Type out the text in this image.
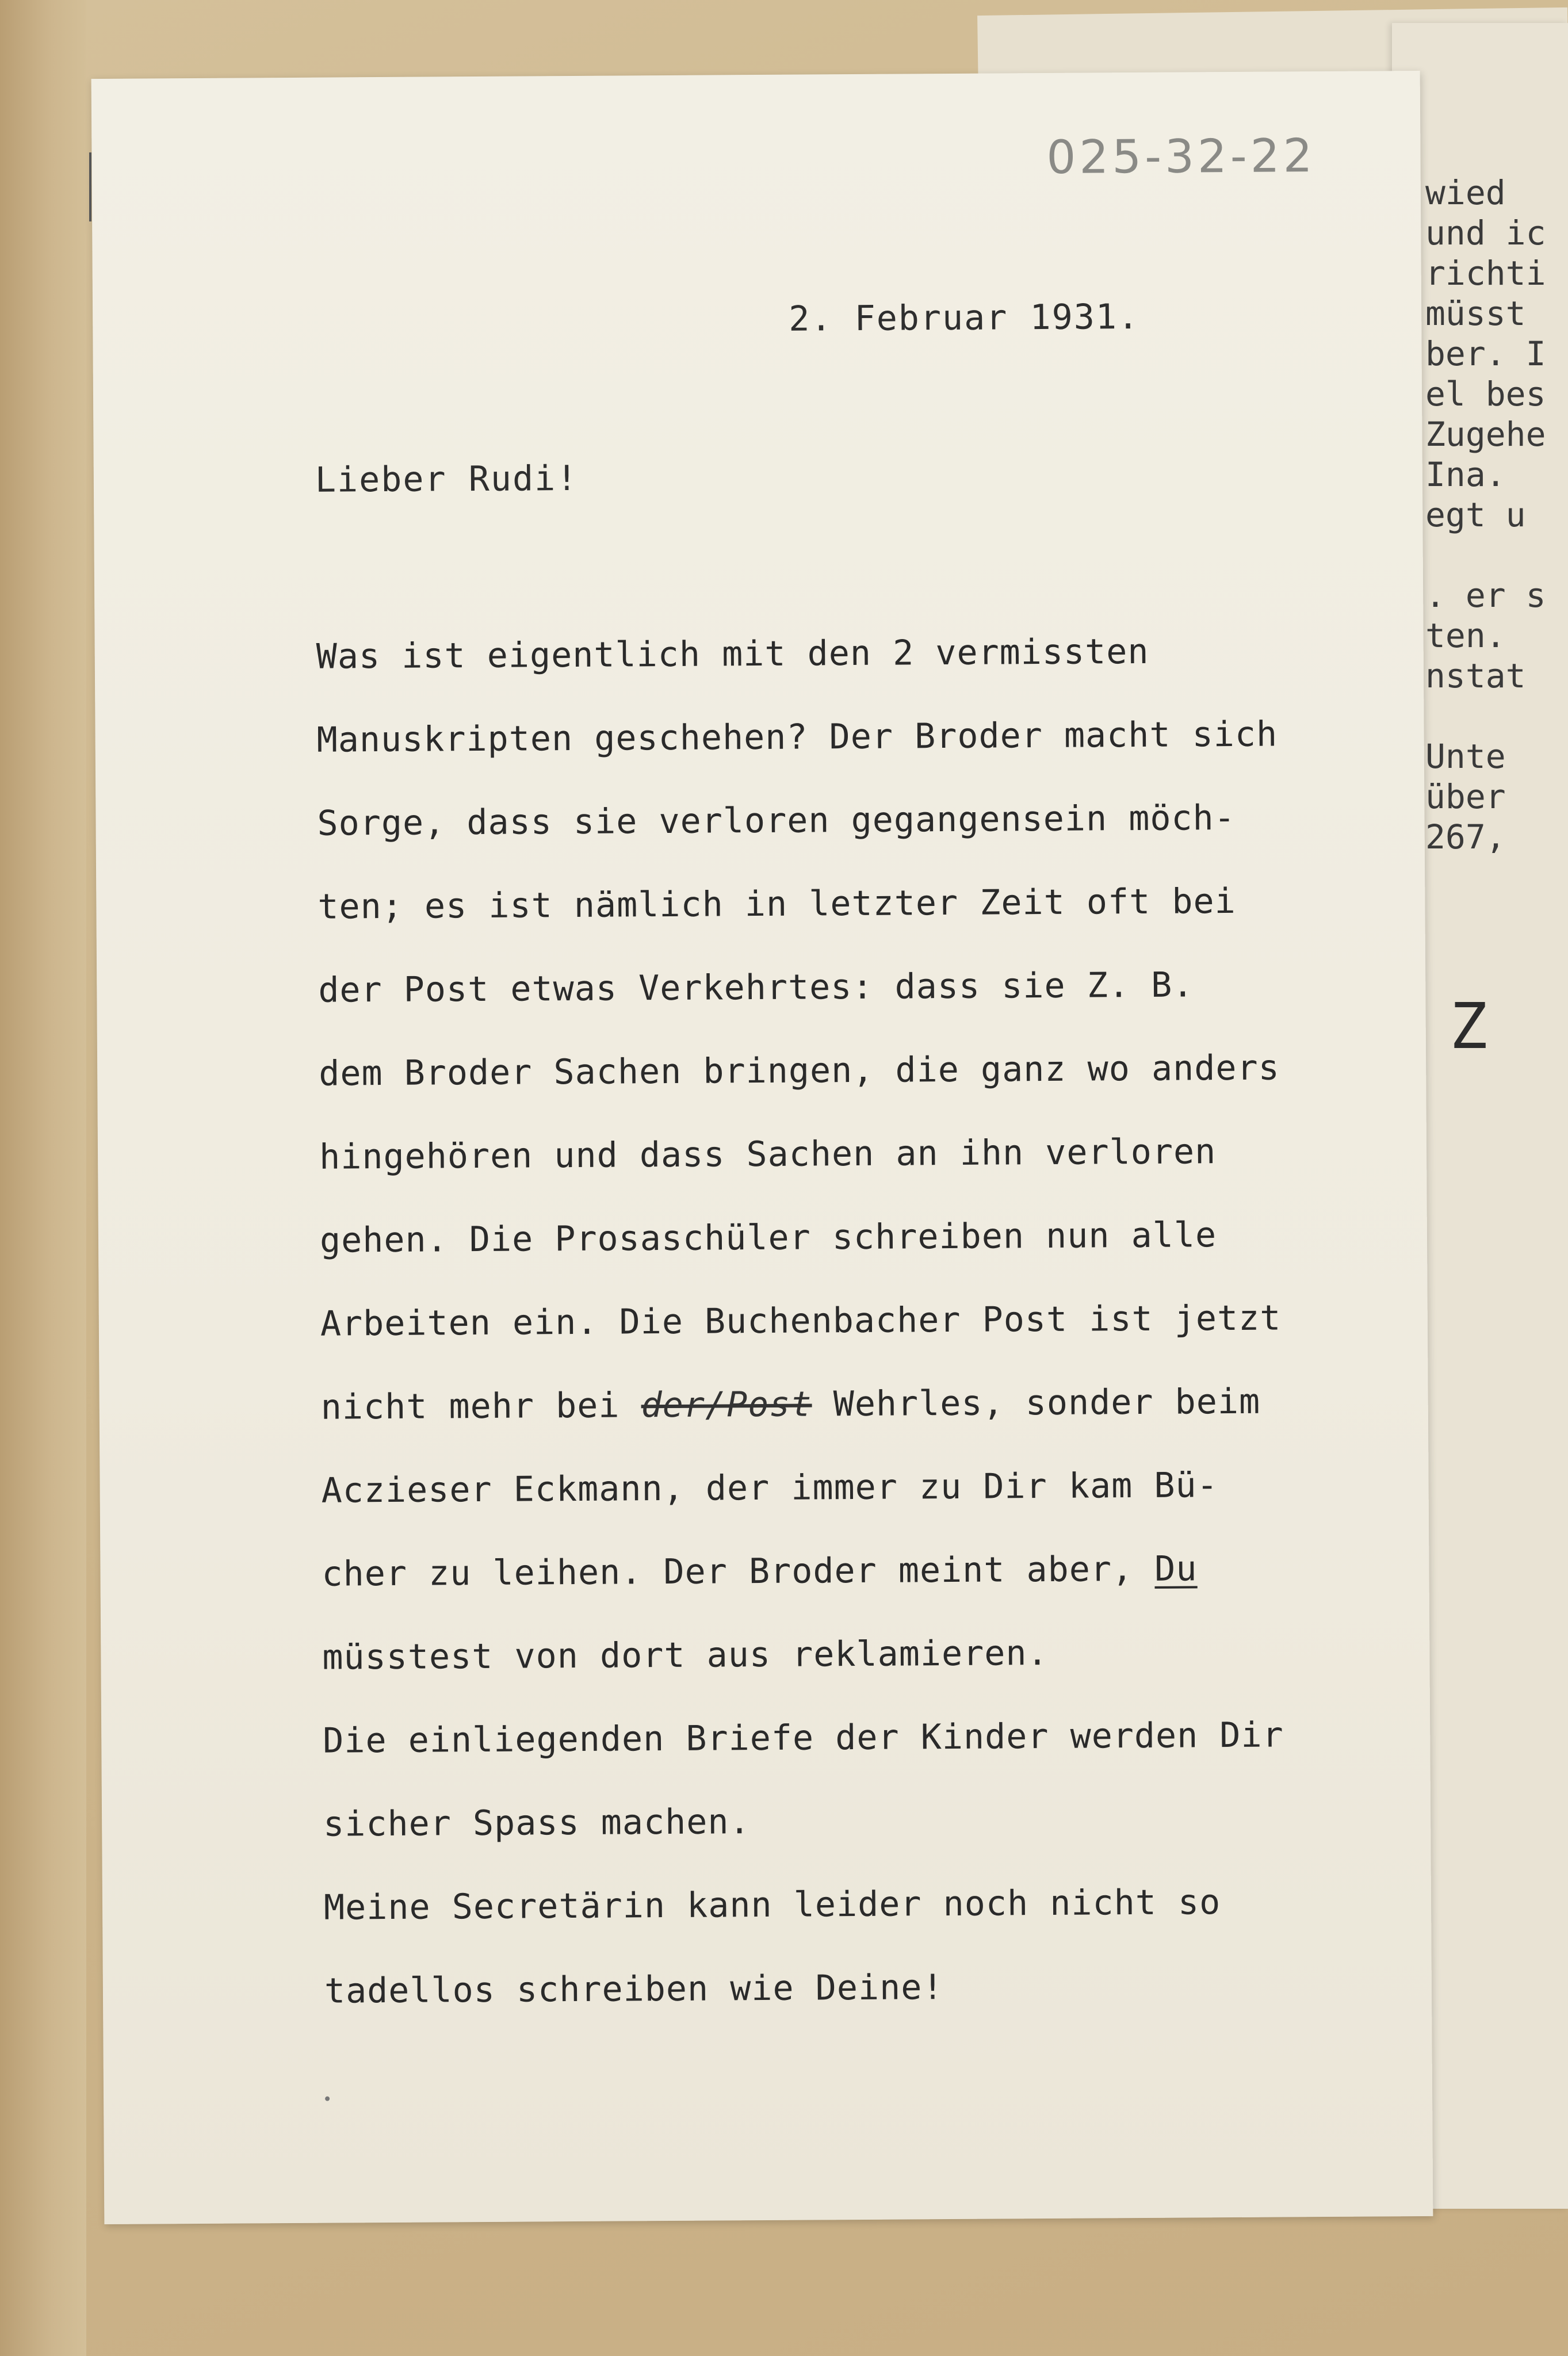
wied
und ic
richti
müsst
ber. I
el bes
Zugehe
Ina.
egt u
. er s
ten.
nstat
Unte
über
267,
Z
025-32-22
2. Februar 1931.
Lieber Rudi!
Was ist eigentlich mit den 2 vermissten
Manuskripten geschehen? Der Broder macht sich
Sorge, dass sie verloren gegangensein möch-
ten; es ist nämlich in letzter Zeit oft bei
der Post etwas Verkehrtes: dass sie Z. B.
dem Broder Sachen bringen, die ganz wo anders
hingehören und dass Sachen an ihn verloren
gehen. Die Prosaschüler schreiben nun alle
Arbeiten ein. Die Buchenbacher Post ist jetzt
nicht mehr bei der/Post Wehrles, sonder beim
Aczieser Eckmann, der immer zu Dir kam Bü-
cher zu leihen. Der Broder meint aber, Du
müsstest von dort aus reklamieren.
Die einliegenden Briefe der Kinder werden Dir
sicher Spass machen.
Meine Secretärin kann leider noch nicht so
tadellos schreiben wie Deine!
